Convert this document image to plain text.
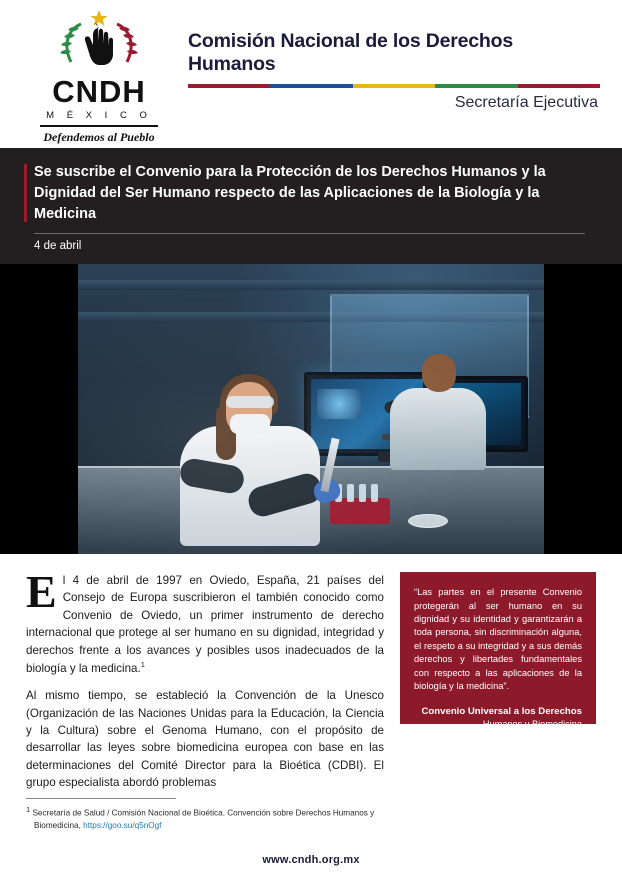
CNDH
M É X I C O
Defendemos al Pueblo
Comisión Nacional de los Derechos Humanos
Secretaría Ejecutiva
Se suscribe el Convenio para la Protección de los Derechos Humanos y la Dignidad del Ser Humano respecto de las Aplicaciones de la Biología y la Medicina
4 de abril

El 4 de abril de 1997 en Oviedo, España, 21 países del Consejo de Europa suscribieron el también conocido como Convenio de Oviedo, un primer instrumento de derecho internacional que protege al ser humano en su dignidad, integridad y derechos frente a los avances y posibles usos inadecuados de la biología y la medicina.$^1$

Al mismo tiempo, se estableció la Convención de la Unesco (Organización de las Naciones Unidas para la Educación, la Ciencia y la Cultura) sobre el Genoma Humano, con el propósito de desarrollar las leyes sobre biomedicina europea con base en las determinaciones del Comité Director para la Bioética (CDBI). El grupo especialista abordó problemas

“Las partes en el presente Convenio protegerán al ser humano en su dignidad y su identidad y garantizarán a toda persona, sin discriminación alguna, el respeto a su integridad y a sus demás derechos y libertades fundamentales con respecto a las aplicaciones de la biología y la medicina”.
Convenio Universal a los Derechos
Humanos y Biomedicina
$^1$ Secretaría de Salud / Comisión Nacional de Bioética. Convención sobre Derechos Humanos y
Biomedicina, https://goo.su/q5nOgf
www.cndh.org.mx
